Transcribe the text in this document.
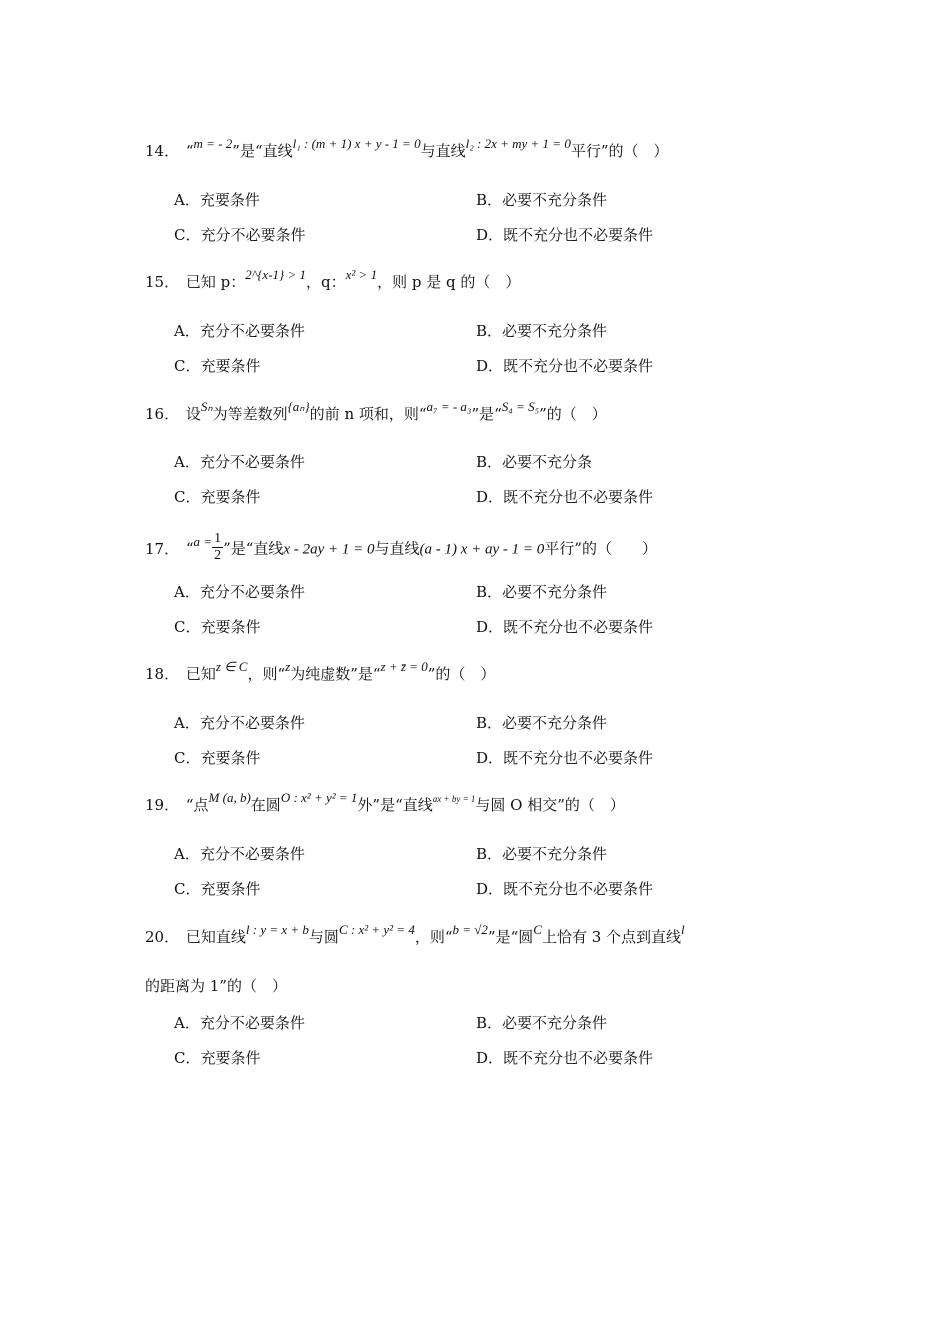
14． “m = - 2”是“直线l₁ : (m + 1) x + y - 1 = 0与直线l₂ : 2x + my + 1 = 0平行”的（　）
A．充要条件	B．必要不充分条件
C．充分不必要条件	D．既不充分也不必要条件
15． 已知 p：2^{x-1} > 1，q：x² > 1，则 p 是 q 的（　）
A．充分不必要条件	B．必要不充分条件
C．充要条件	D．既不充分也不必要条件
16． 设Sₙ为等差数列{aₙ}的前 n 项和，则“a₇ = - a₃”是“S₄ = S₅”的（　）
A．充分不必要条件	B．必要不充分条
C．充要条件	D．既不充分也不必要条件
17． “$a = \frac{1}{2}$ ”是“直线x - 2ay + 1 = 0与直线(a - 1) x + ay - 1 = 0平行”的（　　）
A．充分不必要条件	B．必要不充分条件
C．充要条件	D．既不充分也不必要条件
18． 已知z ∈ C，则“z为纯虚数”是“z + z̄ = 0”的（　）
A．充分不必要条件	B．必要不充分条件
C．充要条件	D．既不充分也不必要条件
19． “点M (a, b)在圆O : x² + y² = 1外”是“直线$^{ax + by = 1}$与圆 O 相交”的（　）
A．充分不必要条件	B．必要不充分条件
C．充要条件	D．既不充分也不必要条件
20． 已知直线l : y = x + b与圆C : x² + y² = 4，则“b = √2”是“圆C上恰有 3 个点到直线l
的距离为 1”的（　）
A．充分不必要条件	B．必要不充分条件
C．充要条件	D．既不充分也不必要条件
